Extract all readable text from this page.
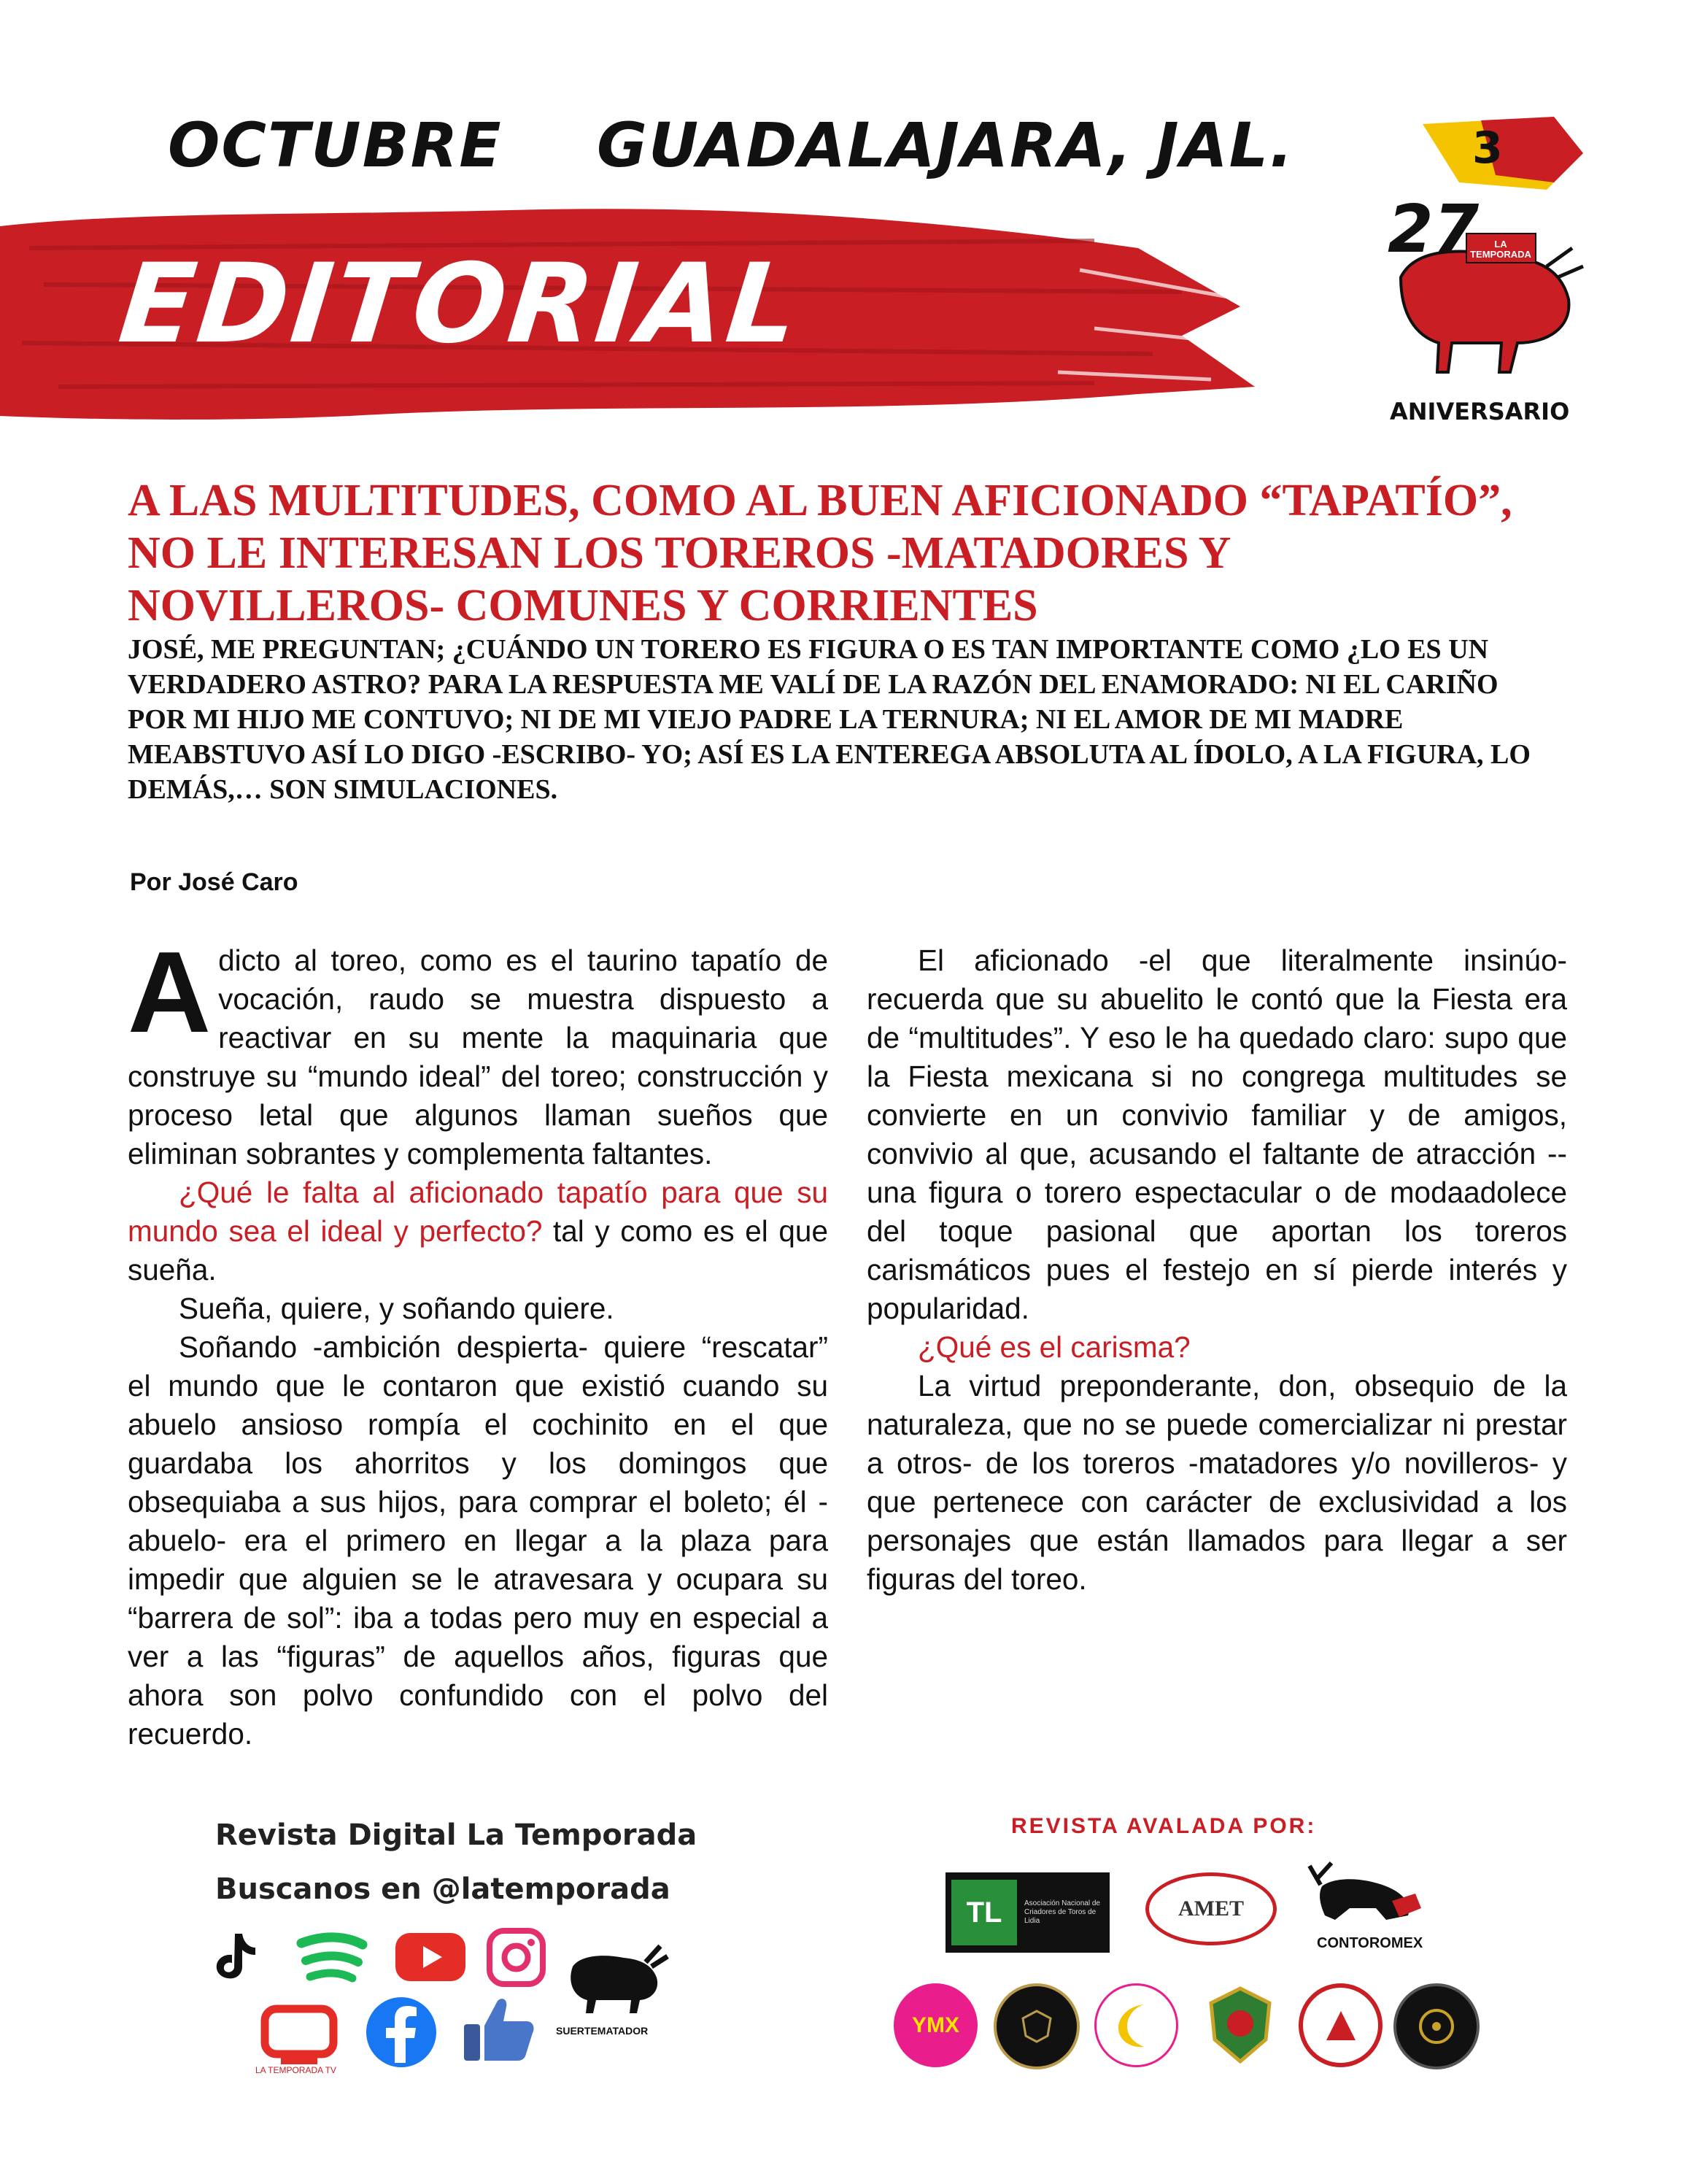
OCTUBRE GUADALAJARA, JAL.
EDITORIAL
3
27	LA TEMPORADA
ANIVERSARIO
A LAS MULTITUDES, COMO AL BUEN AFICIONADO “TAPATÍO”, NO LE INTERESAN LOS TOREROS -MATADORES Y NOVILLEROS- COMUNES Y CORRIENTES
JOSÉ, ME PREGUNTAN; ¿CUÁNDO UN TORERO ES FIGURA O ES TAN IMPORTANTE COMO ¿LO ES UN VERDADERO ASTRO? PARA LA RESPUESTA ME VALÍ DE LA RAZÓN DEL ENAMORADO: NI EL CARIÑO POR MI HIJO ME CONTUVO; NI DE MI VIEJO PADRE LA TERNURA; NI EL AMOR DE MI MADRE MEABSTUVO ASÍ LO DIGO -ESCRIBO- YO; ASÍ ES LA ENTEREGA ABSOLUTA AL ÍDOLO, A LA FIGURA, LO DEMÁS,… SON SIMULACIONES.
Por José Caro

Adicto al toreo, como es el taurino tapatío de vocación, raudo se muestra dispuesto a reactivar en su mente la maquinaria que construye su “mundo ideal” del toreo; construcción y proceso letal que algunos llaman sueños que eliminan sobrantes y complementa faltantes.

¿Qué le falta al aficionado tapatío para que su mundo sea el ideal y perfecto? tal y como es el que sueña.

Sueña, quiere, y soñando quiere.

Soñando -ambición despierta- quiere “rescatar” el mundo que le contaron que existió cuando su abuelo ansioso rompía el cochinito en el que guardaba los ahorritos y los domingos que obsequiaba a sus hijos, para comprar el boleto; él -abuelo- era el primero en llegar a la plaza para impedir que alguien se le atravesara y ocupara su “barrera de sol”: iba a todas pero muy en especial a ver a las “figuras” de aquellos años, figuras que ahora son polvo confundido con el polvo del recuerdo.

El aficionado -el que literalmente insinúo- recuerda que su abuelito le contó que la Fiesta era de “multitudes”. Y eso le ha quedado claro: supo que la Fiesta mexicana si no congrega multitudes se convierte en un convivio familiar y de amigos, convivio al que, acusando el faltante de atracción --una figura o torero espectacular o de modaadolece del toque pasional que aportan los toreros carismáticos pues el festejo en sí pierde interés y popularidad.

¿Qué es el carisma?

La virtud preponderante, don, obsequio de la naturaleza, que no se puede comercializar ni prestar a otros- de los toreros -matadores y/o novilleros- y que pertenece con carácter de exclusividad a los personajes que están llamados para llegar a ser figuras del toreo.

Revista Digital La Temporada
Buscanos en @latemporada
SUERTEMATADOR
LA TEMPORADA TV
REVISTA AVALADA POR:
TL	Asociación Nacional de Criadores de Toros de Lidia
AMET
CONTOROMEX
YMX
